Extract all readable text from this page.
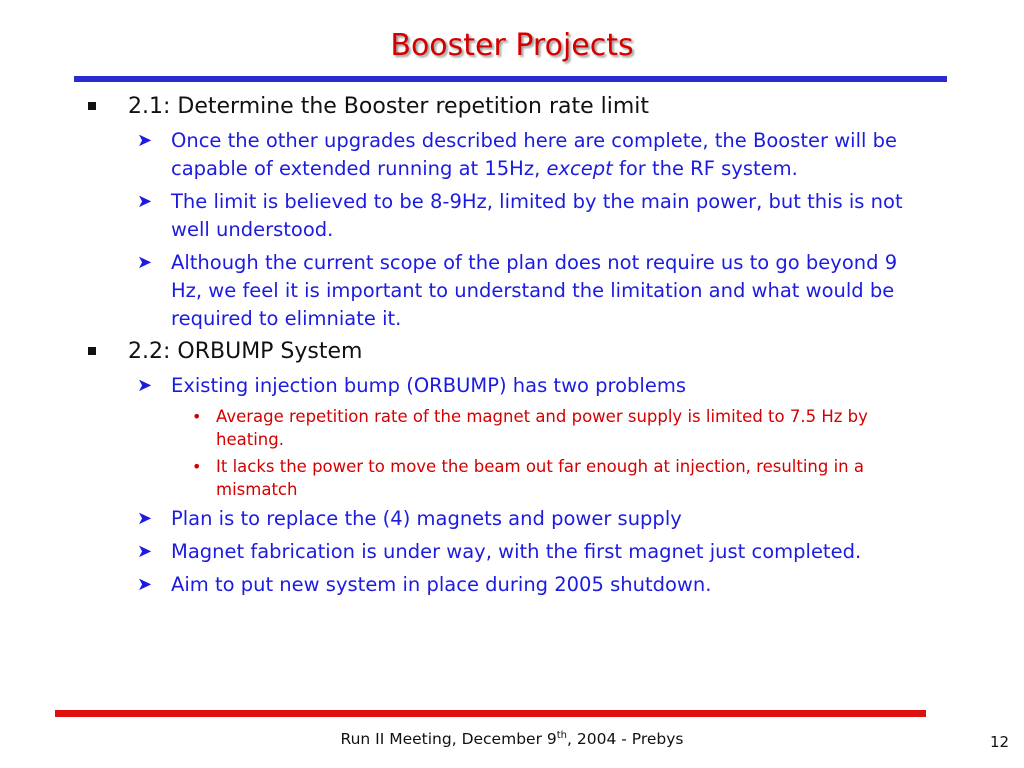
Booster Projects
2.1: Determine the Booster repetition rate limit
➤ Once the other upgrades described here are complete, the Booster will be capable of extended running at 15Hz, except for the RF system.
➤ The limit is believed to be 8-9Hz, limited by the main power, but this is not well understood.
➤ Although the current scope of the plan does not require us to go beyond 9 Hz, we feel it is important to understand the limitation and what would be required to elimniate it.
2.2: ORBUMP System
➤ Existing injection bump (ORBUMP) has two problems
• Average repetition rate of the magnet and power supply is limited to 7.5 Hz by heating.
• It lacks the power to move the beam out far enough at injection, resulting in a mismatch
➤ Plan is to replace the (4) magnets and power supply
➤ Magnet fabrication is under way, with the first magnet just completed.
➤ Aim to put new system in place during 2005 shutdown.
Run II Meeting, December 9th, 2004 - Prebys	12
